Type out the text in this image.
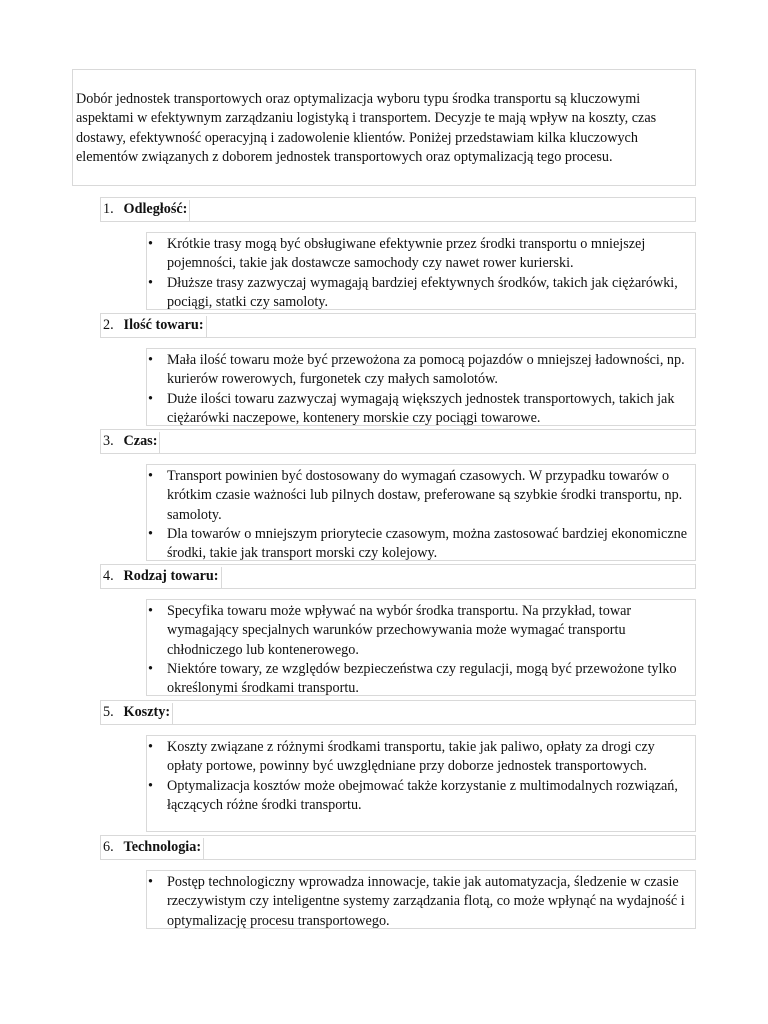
Dobór jednostek transportowych oraz optymalizacja wyboru typu środka transportu są kluczowymi aspektami w efektywnym zarządzaniu logistyką i transportem. Decyzje te mają wpływ na koszty, czas dostawy, efektywność operacyjną i zadowolenie klientów. Poniżej przedstawiam kilka kluczowych elementów związanych z doborem jednostek transportowych oraz optymalizacją tego procesu.
1. Odległość:
• Krótkie trasy mogą być obsługiwane efektywnie przez środki transportu o mniejszej pojemności, takie jak dostawcze samochody czy nawet rower kurierski.
• Dłuższe trasy zazwyczaj wymagają bardziej efektywnych środków, takich jak ciężarówki, pociągi, statki czy samoloty.
2. Ilość towaru:
• Mała ilość towaru może być przewożona za pomocą pojazdów o mniejszej ładowności, np. kurierów rowerowych, furgonetek czy małych samolotów.
• Duże ilości towaru zazwyczaj wymagają większych jednostek transportowych, takich jak ciężarówki naczepowe, kontenery morskie czy pociągi towarowe.
3. Czas:
• Transport powinien być dostosowany do wymagań czasowych. W przypadku towarów o krótkim czasie ważności lub pilnych dostaw, preferowane są szybkie środki transportu, np. samoloty.
• Dla towarów o mniejszym priorytecie czasowym, można zastosować bardziej ekonomiczne środki, takie jak transport morski czy kolejowy.
4. Rodzaj towaru:
• Specyfika towaru może wpływać na wybór środka transportu. Na przykład, towar wymagający specjalnych warunków przechowywania może wymagać transportu chłodniczego lub kontenerowego.
• Niektóre towary, ze względów bezpieczeństwa czy regulacji, mogą być przewożone tylko określonymi środkami transportu.
5. Koszty:
• Koszty związane z różnymi środkami transportu, takie jak paliwo, opłaty za drogi czy opłaty portowe, powinny być uwzględniane przy doborze jednostek transportowych.
• Optymalizacja kosztów może obejmować także korzystanie z multimodalnych rozwiązań, łączących różne środki transportu.
6. Technologia:
• Postęp technologiczny wprowadza innowacje, takie jak automatyzacja, śledzenie w czasie rzeczywistym czy inteligentne systemy zarządzania flotą, co może wpłynąć na wydajność i optymalizację procesu transportowego.
